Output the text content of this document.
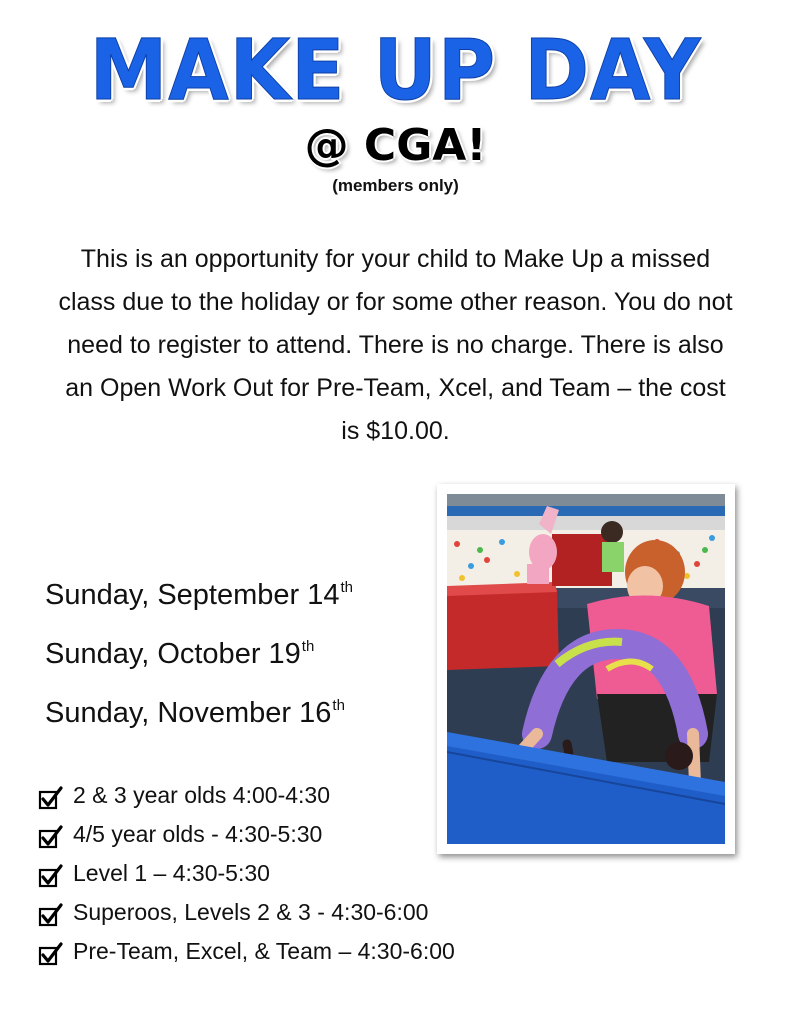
MAKE UP DAY
@ CGA!
(members only)
This is an opportunity for your child to Make Up a missed class due to the holiday or for some other reason. You do not need to register to attend. There is no charge. There is also an Open Work Out for Pre-Team, Xcel, and Team – the cost is $10.00.
Sunday, September 14th
Sunday, October 19th
Sunday, November 16th
2 & 3 year olds 4:00-4:30
4/5 year olds - 4:30-5:30
Level 1 – 4:30-5:30
Superoos, Levels 2 & 3 - 4:30-6:00
Pre-Team, Excel, & Team – 4:30-6:00
